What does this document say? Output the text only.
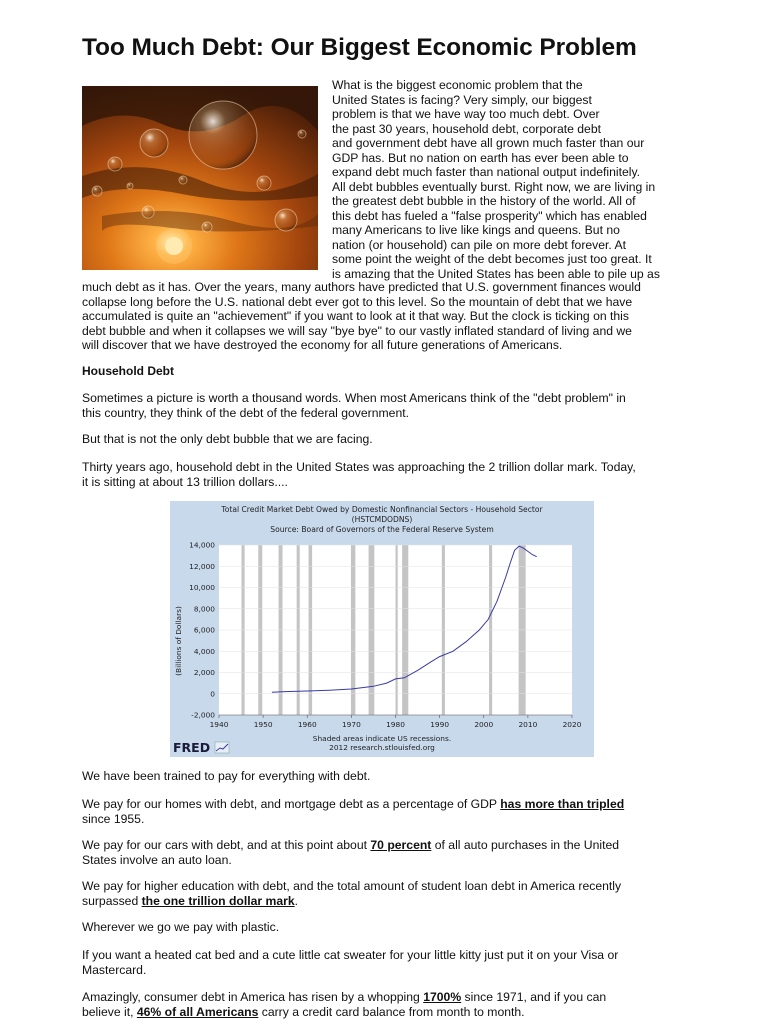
Too Much Debt: Our Biggest Economic Problem
What is the biggest economic problem that the
United States is facing? Very simply, our biggest
problem is that we have way too much debt. Over
the past 30 years, household debt, corporate debt
and government debt have all grown much faster than our
GDP has. But no nation on earth has ever been able to
expand debt much faster than national output indefinitely.
All debt bubbles eventually burst. Right now, we are living in
the greatest debt bubble in the history of the world. All of
this debt has fueled a "false prosperity" which has enabled
many Americans to live like kings and queens. But no
nation (or household) can pile on more debt forever. At
some point the weight of the debt becomes just too great. It
is amazing that the United States has been able to pile up as
much debt as it has. Over the years, many authors have predicted that U.S. government finances would
collapse long before the U.S. national debt ever got to this level. So the mountain of debt that we have
accumulated is quite an "achievement" if you want to look at it that way. But the clock is ticking on this
debt bubble and when it collapses we will say "bye bye" to our vastly inflated standard of living and we
will discover that we have destroyed the economy for all future generations of Americans.

Household Debt

Sometimes a picture is worth a thousand words. When most Americans think of the "debt problem" in
this country, they think of the debt of the federal government.

But that is not the only debt bubble that we are facing.

Thirty years ago, household debt in the United States was approaching the 2 trillion dollar mark. Today,
it is sitting at about 13 trillion dollars....

Total Credit Market Debt Owed by Domestic Nonfinancial Sectors - Household Sector
(HSTCMDODNS)
Source: Board of Governors of the Federal Reserve System
14,000
12,000
10,000
8,000
6,000
4,000
2,000
0
-2,000
1940	1950	1960	1970	1980	1990	2000	2010	2020
(Billions of Dollars)
Shaded areas indicate US recessions.
2012 research.stlouisfed.org
FRED

We have been trained to pay for everything with debt.

We pay for our homes with debt, and mortgage debt as a percentage of GDP has more than tripled
since 1955.

We pay for our cars with debt, and at this point about 70 percent of all auto purchases in the United
States involve an auto loan.

We pay for higher education with debt, and the total amount of student loan debt in America recently
surpassed the one trillion dollar mark.

Wherever we go we pay with plastic.

If you want a heated cat bed and a cute little cat sweater for your little kitty just put it on your Visa or
Mastercard.

Amazingly, consumer debt in America has risen by a whopping 1700% since 1971, and if you can
believe it, 46% of all Americans carry a credit card balance from month to month.
